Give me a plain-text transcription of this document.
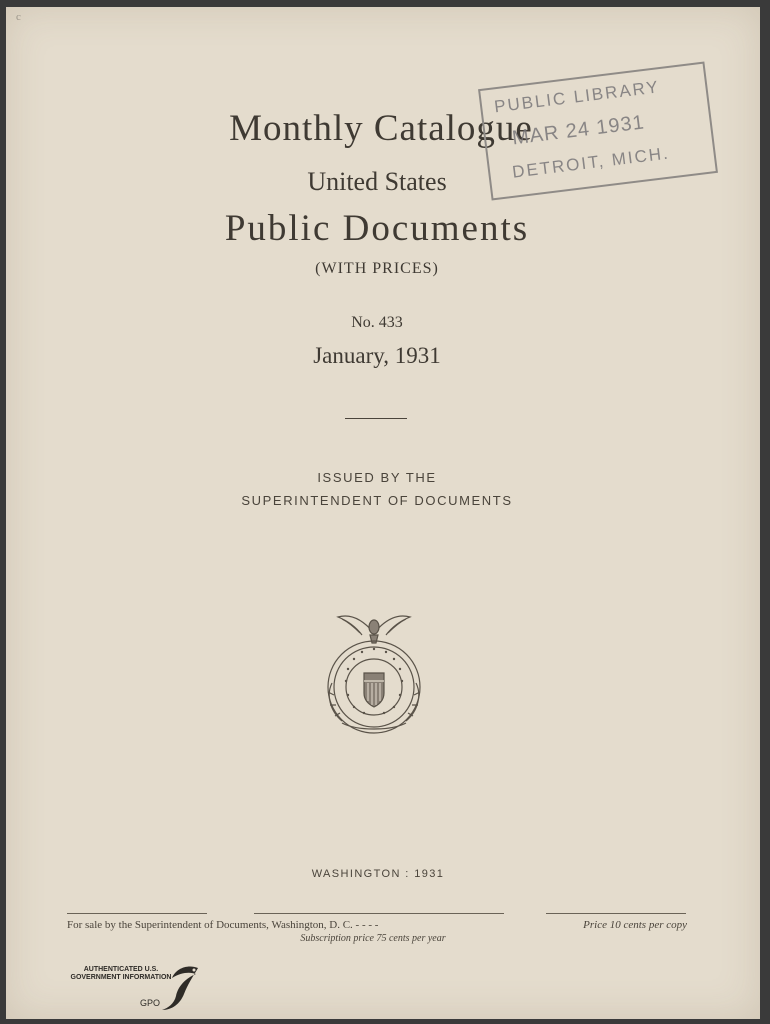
c
Monthly Catalogue
United States
Public Documents
(WITH PRICES)
No. 433
January, 1931
ISSUED BY THE
SUPERINTENDENT OF DOCUMENTS
PUBLIC LIBRARY
MAR 24 1931
DETROIT, MICH.
WASHINGTON : 1931
For sale by the Superintendent of Documents, Washington, D. C. - - - -	Price 10 cents per copy
Subscription price 75 cents per year
AUTHENTICATED U.S. GOVERNMENT INFORMATION
GPO
